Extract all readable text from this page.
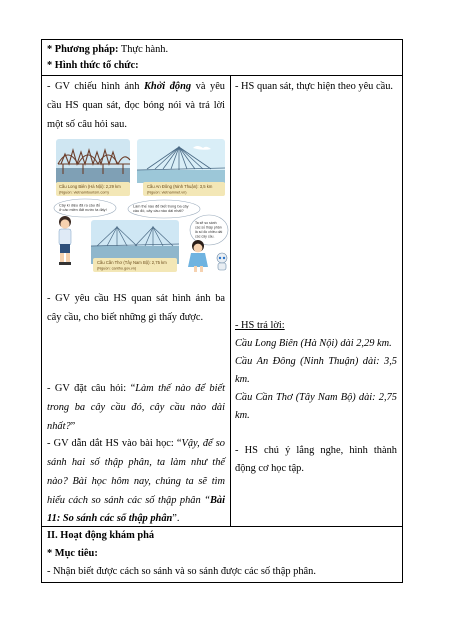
* Phương pháp: Thực hành.
* Hình thức tổ chức:
- GV chiếu hình ảnh Khởi động và yêu
cầu HS quan sát, đọc bóng nói và trả lời
một số câu hỏi sau.
Cầu Long Biên (Hà Nội): 2,29 km
(Nguồn: vietnamtourism.com)
Cầu An Đông (Ninh Thuận): 3,5 km
(Nguồn: vietnamnet.vn)
Cây kì diệu đã ra câu đố
ở các miền đất nước ta đấy!
Làm thế nào để biết trong ba cây
cầu đó, cây cầu nào dài nhất?
Ta sẽ so sánh
các số thập phân
là số đo chiều dài
các cây cầu.
Cầu Cần Thơ (Tây Nam Bộ): 2,75 km
(Nguồn: cantho.gov.vn)
- GV yêu cầu HS quan sát hình ảnh ba
cây cầu, cho biết những gì thấy được.
- GV đặt câu hỏi: “Làm thế nào để biết
trong ba cây cầu đó, cây cầu nào dài
nhất?”
- GV dẫn dắt HS vào bài học: “Vậy, để so
sánh hai số thập phân, ta làm như thế
nào? Bài học hôm nay, chúng ta sẽ tìm
hiểu cách so sánh các số thập phân “Bài
11: So sánh các số thập phân”.
- HS quan sát, thực hiện theo yêu cầu.
- HS trả lời:
Cầu Long Biên (Hà Nội) dài 2,29 km.
Cầu An Đông (Ninh Thuận) dài: 3,5
km.
Cầu Cần Thơ (Tây Nam Bộ) dài: 2,75
km.
- HS chú ý lắng nghe, hình thành
động cơ học tập.
II. Hoạt động khám phá
* Mục tiêu:
- Nhận biết được cách so sánh và so sánh được các số thập phân.
